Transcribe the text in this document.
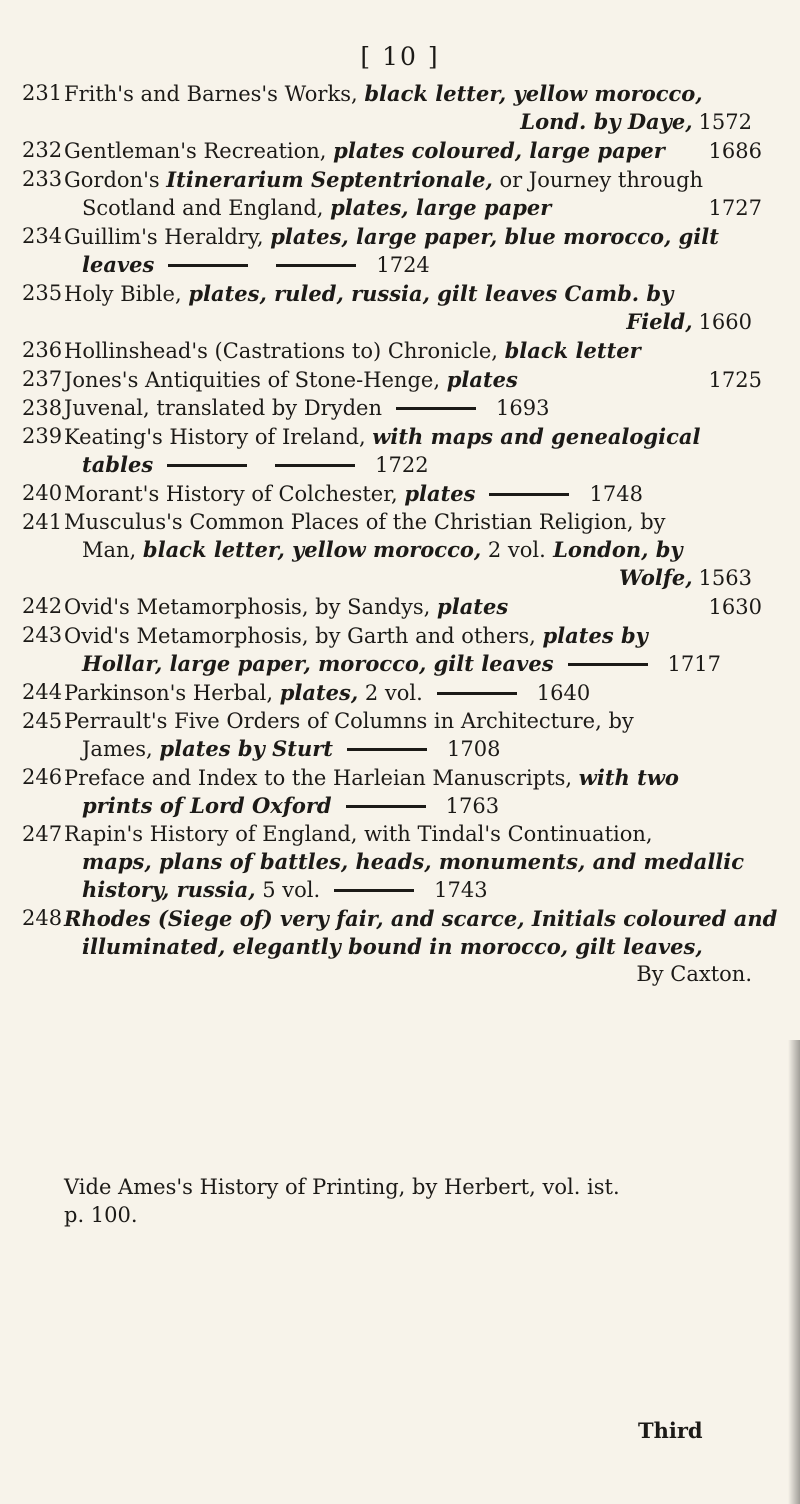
[ 10 ]
231 Frith's and Barnes's Works, black letter, yellow morocco,
Lond. by Daye, 1572
232 Gentleman's Recreation, plates coloured, large paper 1686
233 Gordon's Itinerarium Septentrionale, or Journey through
Scotland and England, plates, large paper	1727
234 Guillim's Heraldry, plates, large paper, blue morocco, gilt
leaves	1724
235 Holy Bible, plates, ruled, russia, gilt leaves Camb. by
Field, 1660
236 Hollinshead's (Castrations to) Chronicle, black letter
237 Jones's Antiquities of Stone-Henge, plates	1725
238 Juvenal, translated by Dryden	1693
239 Keating's History of Ireland, with maps and genealogical
tables	1722
240 Morant's History of Colchester, plates	1748
241 Musculus's Common Places of the Christian Religion, by
Man, black letter, yellow morocco, 2 vol. London, by
Wolfe, 1563
242 Ovid's Metamorphosis, by Sandys, plates	1630
243 Ovid's Metamorphosis, by Garth and others, plates by
Hollar, large paper, morocco, gilt leaves	1717
244 Parkinson's Herbal, plates, 2 vol.	1640
245 Perrault's Five Orders of Columns in Architecture, by
James, plates by Sturt	1708
246 Preface and Index to the Harleian Manuscripts, with two
prints of Lord Oxford	1763
247 Rapin's History of England, with Tindal's Continuation,
maps, plans of battles, heads, monuments, and medallic
history, russia, 5 vol.	1743
248 Rhodes (Siege of) very fair, and scarce, Initials coloured and
illuminated, elegantly bound in morocco, gilt leaves,
By Caxton.
Vide Ames's History of Printing, by Herbert, vol. ist.
p. 100.
Third
